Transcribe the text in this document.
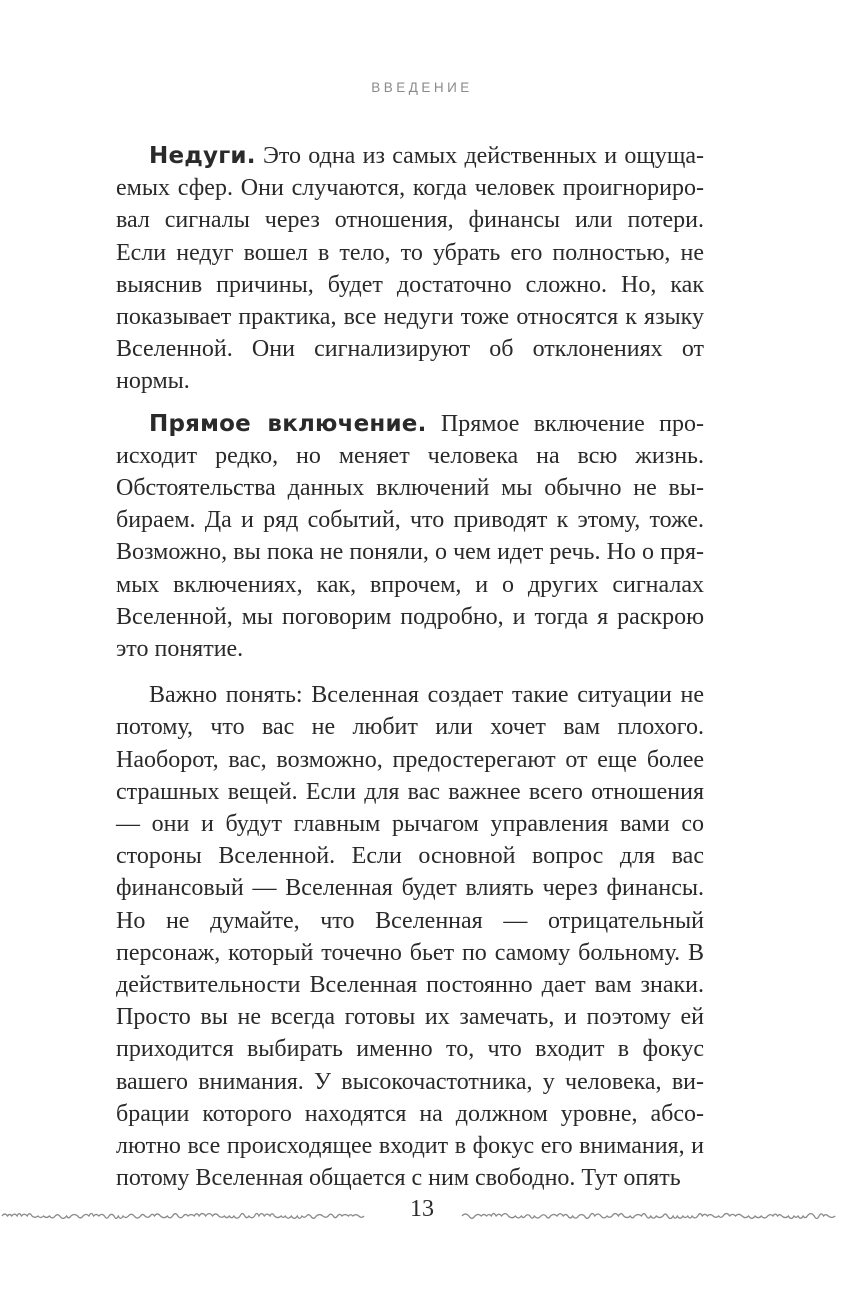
ВВЕДЕНИЕ

Недуги. Это одна из самых действенных и ощущаемых сфер. Они случаются, когда человек проигнорировал сигналы через отношения, финансы или потери. Если недуг вошел в тело, то убрать его полностью, не выяснив причины, будет достаточно сложно. Но, как показывает практика, все недуги тоже относятся к языку Вселенной. Они сигнализируют об отклонениях от нормы.

Прямое включение. Прямое включение происходит редко, но меняет человека на всю жизнь. Обстоятельства данных включений мы обычно не выбираем. Да и ряд событий, что приводят к этому, тоже. Возможно, вы пока не поняли, о чем идет речь. Но о прямых включениях, как, впрочем, и о других сигналах Вселенной, мы поговорим подробно, и тогда я раскрою это понятие.

Важно понять: Вселенная создает такие ситуации не потому, что вас не любит или хочет вам плохого. Наоборот, вас, возможно, предостерегают от еще более страшных вещей. Если для вас важнее всего отношения — они и будут главным рычагом управления вами со стороны Вселенной. Если основной вопрос для вас финансовый — Вселенная будет влиять через финансы. Но не думайте, что Вселенная — отрицательный персонаж, который точечно бьет по самому больному. В действительности Вселенная постоянно дает вам знаки. Просто вы не всегда готовы их замечать, и поэтому ей приходится выбирать именно то, что входит в фокус вашего внимания. У высокочастотника, у человека, вибрации которого находятся на должном уровне, абсолютно все происходящее входит в фокус его внимания, и потому Вселенная общается с ним свободно. Тут опять

13
